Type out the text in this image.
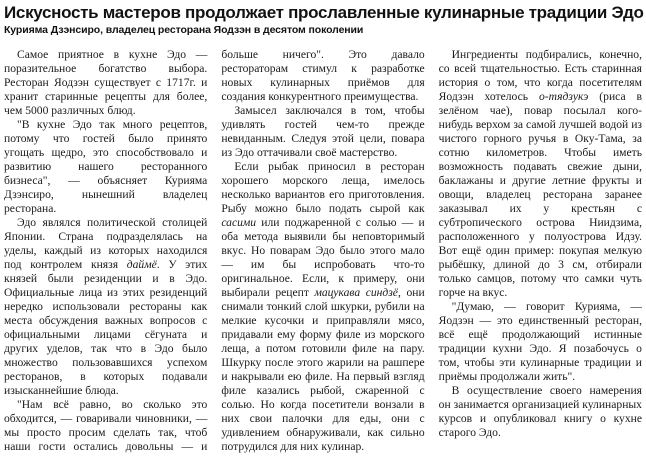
Искусность мастеров продолжает прославленные кулинарные традиции Эдо
Курияма Дзэнсиро, владелец ресторана Яодзэн в десятом поколении

Самое приятное в кухне Эдо — поразительное богатство выбора. Ресторан Яодзэн существует с 1717г. и хранит старинные рецепты для более, чем 5000 различных блюд.

"В кухне Эдо так много рецептов, потому что гостей было принято угощать щедро, это способствовало и развитию нашего ресторанного бизнеса", — объясняет Курияма Дзэнсиро, нынешний владелец ресторана.

Эдо являлся политической столицей Японии. Страна подразделялась на уделы, каждый из которых находился под контролем князя даймё. У этих князей были резиденции и в Эдо. Официальные лица из этих резиденций нередко использовали рестораны как места обсуждения важных вопросов с официальными лицами сёгуната и других уделов, так что в Эдо было множество пользовавшихся успехом ресторанов, в которых подавали изысканнейшие блюда.

"Нам всё равно, во сколько это обходится, — говаривали чиновники, — мы просто просим сделать так, чтоб наши гости остались довольны — и больше ничего". Это давало рестораторам стимул к разработке новых кулинарных приёмов для создания конкурентного преимущества.

Замысел заключался в том, чтобы удивлять гостей чем-то прежде невиданным. Следуя этой цели, повара из Эдо оттачивали своё мастерство.

Если рыбак приносил в ресторан хорошего морского леща, имелось несколько вариантов его приготовления. Рыбу можно было подать сырой как сасими или поджаренной с солью — и оба метода выявили бы неповторимый вкус. Но поварам Эдо было этого мало — им бы испробовать что-то оригинальное. Если, к примеру, они выбирали рецепт мацукава синдзё, они снимали тонкий слой шкурки, рубили на мелкие кусочки и приправляли мясо, придавали ему форму филе из морского леща, а потом готовили филе на пару. Шкурку после этого жарили на рашпере и накрывали ею филе. На первый взгляд филе казались рыбой, сжаренной с солью. Но когда посетители вонзали в них свои палочки для еды, они с удивлением обнаруживали, как сильно потрудился для них кулинар.

Ингредиенты подбирались, конечно, со всей тщательностью. Есть старинная история о том, что когда посетителям Яодзэн хотелось о-тядзукэ (риса в зелёном чае), повар посылал кого-нибудь верхом за самой лучшей водой из чистого горного ручья в Оку-Тама, за сотню километров. Чтобы иметь возможность подавать свежие дыни, баклажаны и другие летние фрукты и овощи, владелец ресторана заранее заказывал их у крестьян с субтропического острова Ниидзима, расположенного у полуострова Идзу. Вот ещё один пример: покупая мелкую рыбёшку, длиной до 3 см, отбирали только самцов, потому что самки чуть горче на вкус.

"Думаю, — говорит Курияма, — Яодзэн — это единственный ресторан, всё ещё продолжающий истинные традиции кухни Эдо. Я позабочусь о том, чтобы эти кулинарные традиции и приёмы продолжали жить".

В осуществление своего намерения он занимается организацией кулинарных курсов и опубликовал книгу о кухне старого Эдо.
